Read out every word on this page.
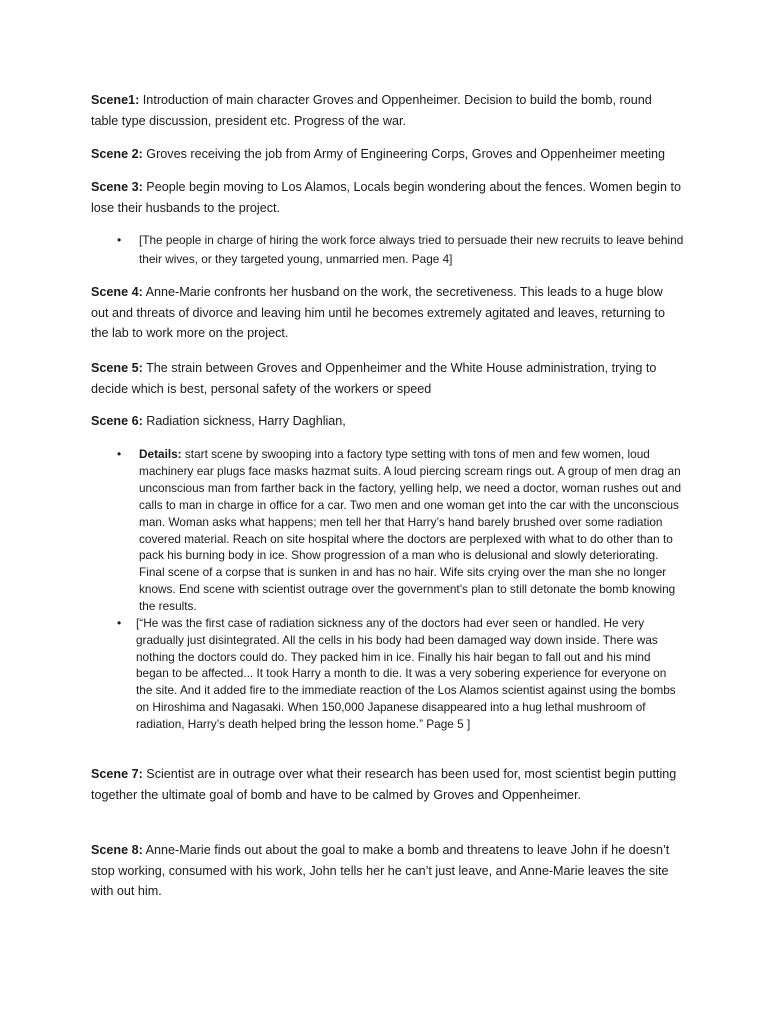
Scene1: Introduction of main character Groves and Oppenheimer. Decision to build the bomb, round table type discussion, president etc. Progress of the war.

Scene 2: Groves receiving the job from Army of Engineering Corps, Groves and Oppenheimer meeting

Scene 3: People begin moving to Los Alamos, Locals begin wondering about the fences. Women begin to lose their husbands to the project.

• [The people in charge of hiring the work force always tried to persuade their new recruits to leave behind their wives, or they targeted young, unmarried men. Page 4]

Scene 4: Anne-Marie confronts her husband on the work, the secretiveness. This leads to a huge blow out and threats of divorce and leaving him until he becomes extremely agitated and leaves, returning to the lab to work more on the project.

Scene 5: The strain between Groves and Oppenheimer and the White House administration, trying to decide which is best, personal safety of the workers or speed

Scene 6: Radiation sickness, Harry Daghlian,

• Details: start scene by swooping into a factory type setting with tons of men and few women, loud machinery ear plugs face masks hazmat suits. A loud piercing scream rings out. A group of men drag an unconscious man from farther back in the factory, yelling help, we need a doctor, woman rushes out and calls to man in charge in office for a car. Two men and one woman get into the car with the unconscious man. Woman asks what happens; men tell her that Harry’s hand barely brushed over some radiation covered material. Reach on site hospital where the doctors are perplexed with what to do other than to pack his burning body in ice. Show progression of a man who is delusional and slowly deteriorating. Final scene of a corpse that is sunken in and has no hair. Wife sits crying over the man she no longer knows. End scene with scientist outrage over the government’s plan to still detonate the bomb knowing the results.
• [“He was the first case of radiation sickness any of the doctors had ever seen or handled. He very gradually just disintegrated. All the cells in his body had been damaged way down inside. There was nothing the doctors could do. They packed him in ice. Finally his hair began to fall out and his mind began to be affected... It took Harry a month to die. It was a very sobering experience for everyone on the site. And it added fire to the immediate reaction of the Los Alamos scientist against using the bombs on Hiroshima and Nagasaki. When 150,000 Japanese disappeared into a hug lethal mushroom of radiation, Harry’s death helped bring the lesson home.” Page 5 ]

Scene 7: Scientist are in outrage over what their research has been used for, most scientist begin putting together the ultimate goal of bomb and have to be calmed by Groves and Oppenheimer.

Scene 8: Anne-Marie finds out about the goal to make a bomb and threatens to leave John if he doesn’t stop working, consumed with his work, John tells her he can’t just leave, and Anne-Marie leaves the site with out him.
